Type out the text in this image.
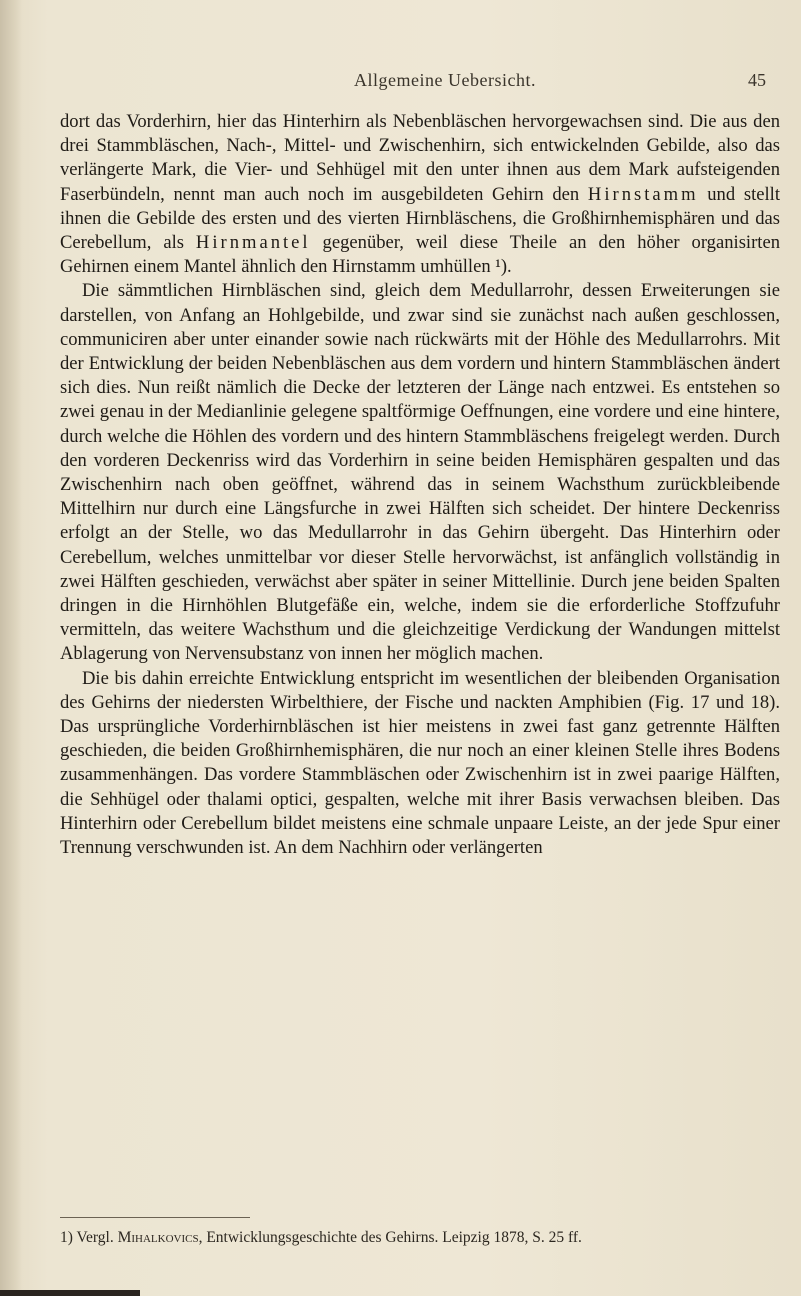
Allgemeine Uebersicht.	45

dort das Vorderhirn, hier das Hinterhirn als Nebenbläschen hervorgewachsen sind. Die aus den drei Stammbläschen, Nach-, Mittel- und Zwischenhirn, sich entwickelnden Gebilde, also das verlängerte Mark, die Vier- und Sehhügel mit den unter ihnen aus dem Mark aufsteigenden Faserbündeln, nennt man auch noch im ausgebildeten Gehirn den Hirnstamm und stellt ihnen die Gebilde des ersten und des vierten Hirnbläschens, die Großhirnhemisphären und das Cerebellum, als Hirnmantel gegenüber, weil diese Theile an den höher organisirten Gehirnen einem Mantel ähnlich den Hirnstamm umhüllen ¹).

Die sämmtlichen Hirnbläschen sind, gleich dem Medullarrohr, dessen Erweiterungen sie darstellen, von Anfang an Hohlgebilde, und zwar sind sie zunächst nach außen geschlossen, communiciren aber unter einander sowie nach rückwärts mit der Höhle des Medullarrohrs. Mit der Entwicklung der beiden Nebenbläschen aus dem vordern und hintern Stammbläschen ändert sich dies. Nun reißt nämlich die Decke der letzteren der Länge nach entzwei. Es entstehen so zwei genau in der Medianlinie gelegene spaltförmige Oeffnungen, eine vordere und eine hintere, durch welche die Höhlen des vordern und des hintern Stammbläschens freigelegt werden. Durch den vorderen Deckenriss wird das Vorderhirn in seine beiden Hemisphären gespalten und das Zwischenhirn nach oben geöffnet, während das in seinem Wachsthum zurückbleibende Mittelhirn nur durch eine Längsfurche in zwei Hälften sich scheidet. Der hintere Deckenriss erfolgt an der Stelle, wo das Medullarrohr in das Gehirn übergeht. Das Hinterhirn oder Cerebellum, welches unmittelbar vor dieser Stelle hervorwächst, ist anfänglich vollständig in zwei Hälften geschieden, verwächst aber später in seiner Mittellinie. Durch jene beiden Spalten dringen in die Hirnhöhlen Blutgefäße ein, welche, indem sie die erforderliche Stoffzufuhr vermitteln, das weitere Wachsthum und die gleichzeitige Verdickung der Wandungen mittelst Ablagerung von Nervensubstanz von innen her möglich machen.

Die bis dahin erreichte Entwicklung entspricht im wesentlichen der bleibenden Organisation des Gehirns der niedersten Wirbelthiere, der Fische und nackten Amphibien (Fig. 17 und 18). Das ursprüngliche Vorderhirnbläschen ist hier meistens in zwei fast ganz getrennte Hälften geschieden, die beiden Großhirnhemisphären, die nur noch an einer kleinen Stelle ihres Bodens zusammenhängen. Das vordere Stammbläschen oder Zwischenhirn ist in zwei paarige Hälften, die Sehhügel oder thalami optici, gespalten, welche mit ihrer Basis verwachsen bleiben. Das Hinterhirn oder Cerebellum bildet meistens eine schmale unpaare Leiste, an der jede Spur einer Trennung verschwunden ist. An dem Nachhirn oder verlängerten

1) Vergl. Mihalkovics, Entwicklungsgeschichte des Gehirns. Leipzig 1878, S. 25 ff.
